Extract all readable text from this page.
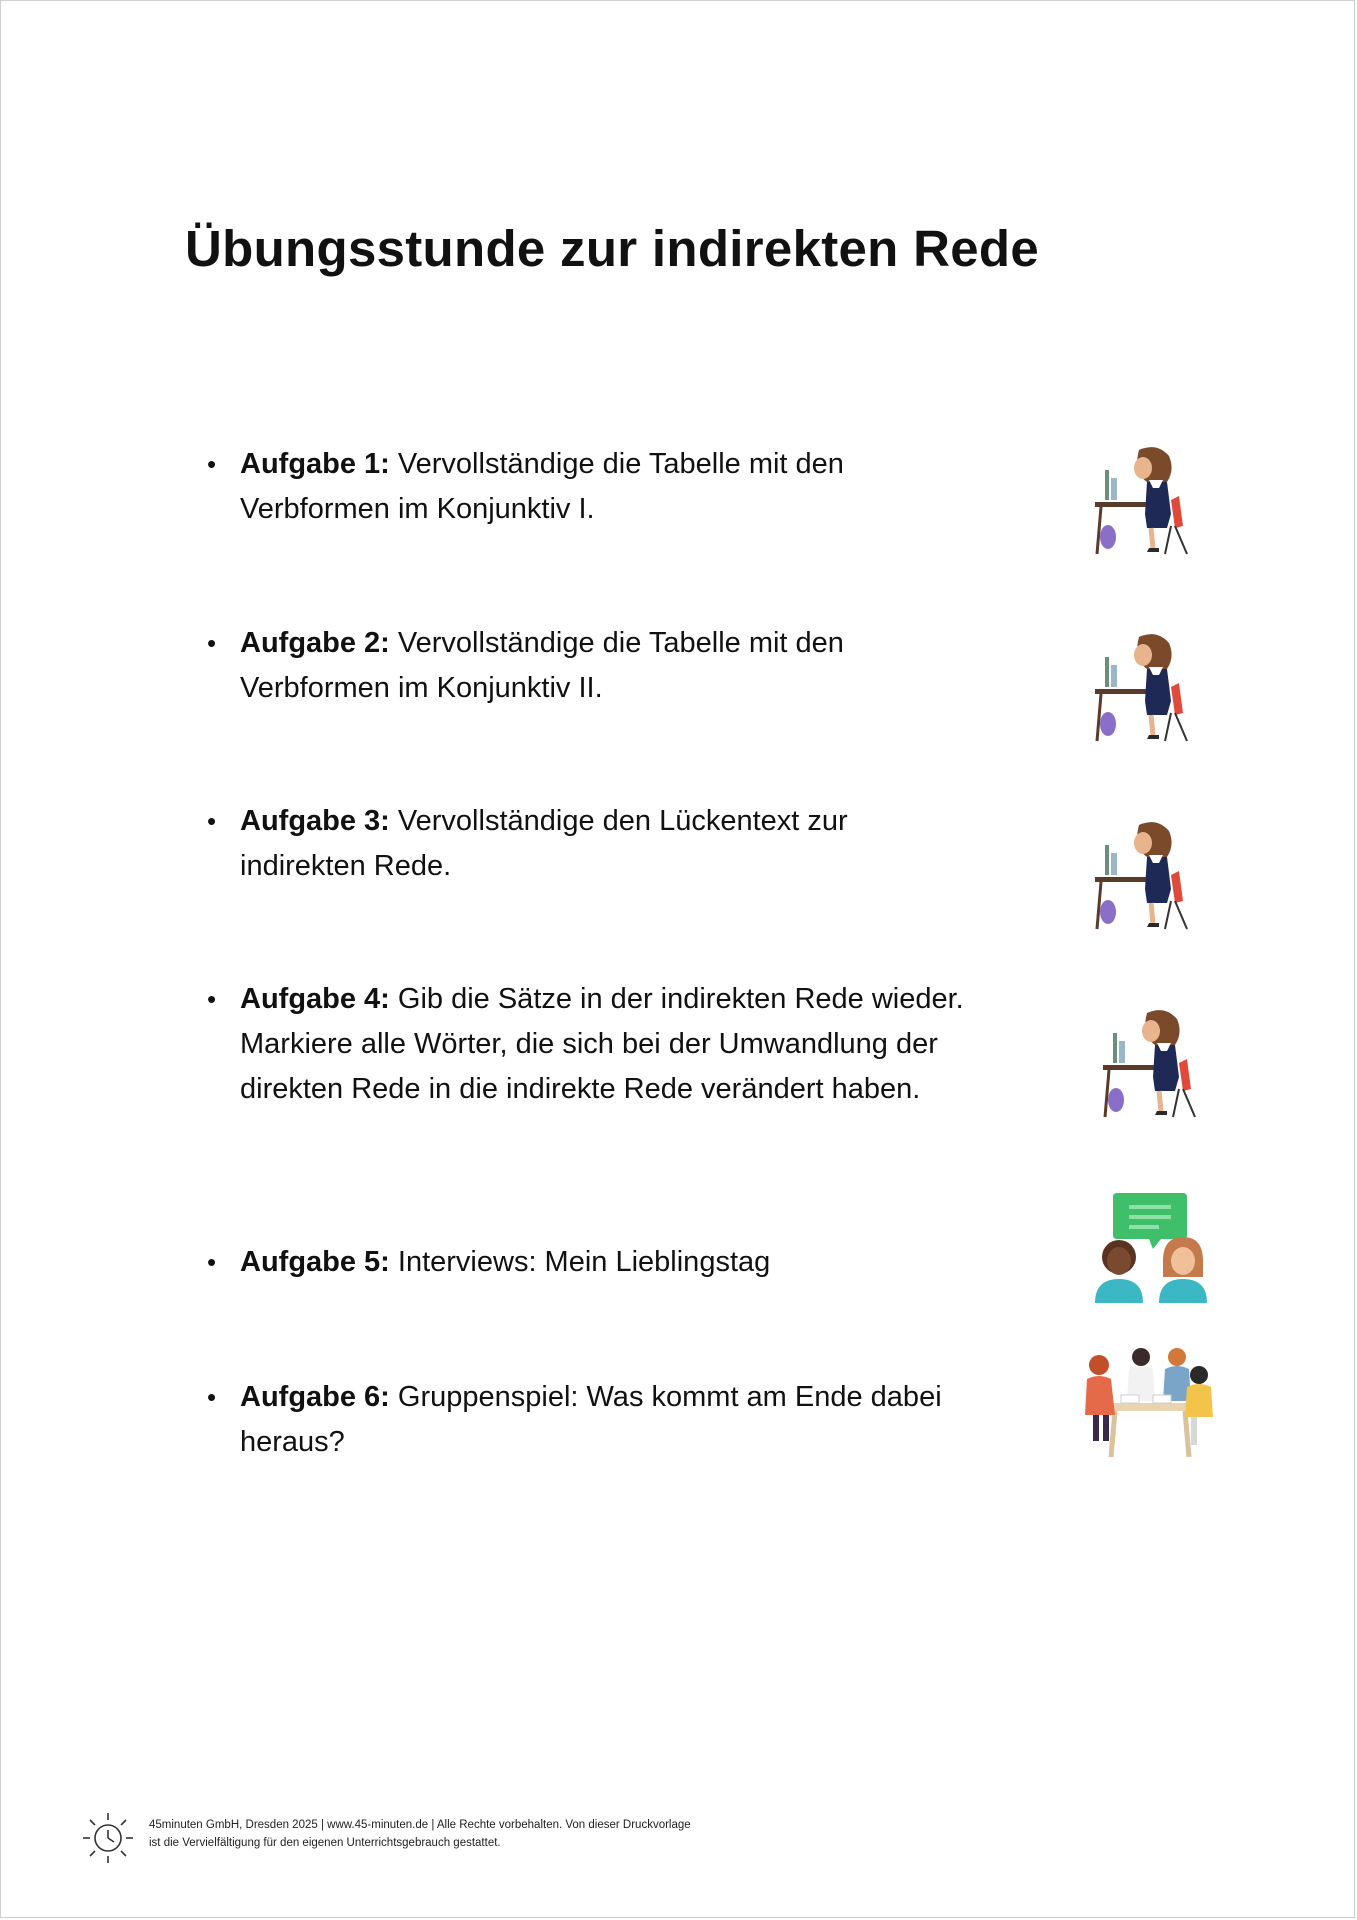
Übungsstunde zur indirekten Rede
• Aufgabe 1: Vervollständige die Tabelle mit den Verbformen im Konjunktiv I.
• Aufgabe 2: Vervollständige die Tabelle mit den Verbformen im Konjunktiv II.
• Aufgabe 3: Vervollständige den Lückentext zur indirekten Rede.
• Aufgabe 4: Gib die Sätze in der indirekten Rede wieder. Markiere alle Wörter, die sich bei der Umwandlung der direkten Rede in die indirekte Rede verändert haben.
• Aufgabe 5: Interviews: Mein Lieblingstag
• Aufgabe 6: Gruppenspiel: Was kommt am Ende dabei heraus?
45minuten GmbH, Dresden 2025 | www.45-minuten.de | Alle Rechte vorbehalten. Von dieser Druckvorlage ist die Vervielfältigung für den eigenen Unterrichtsgebrauch gestattet.
